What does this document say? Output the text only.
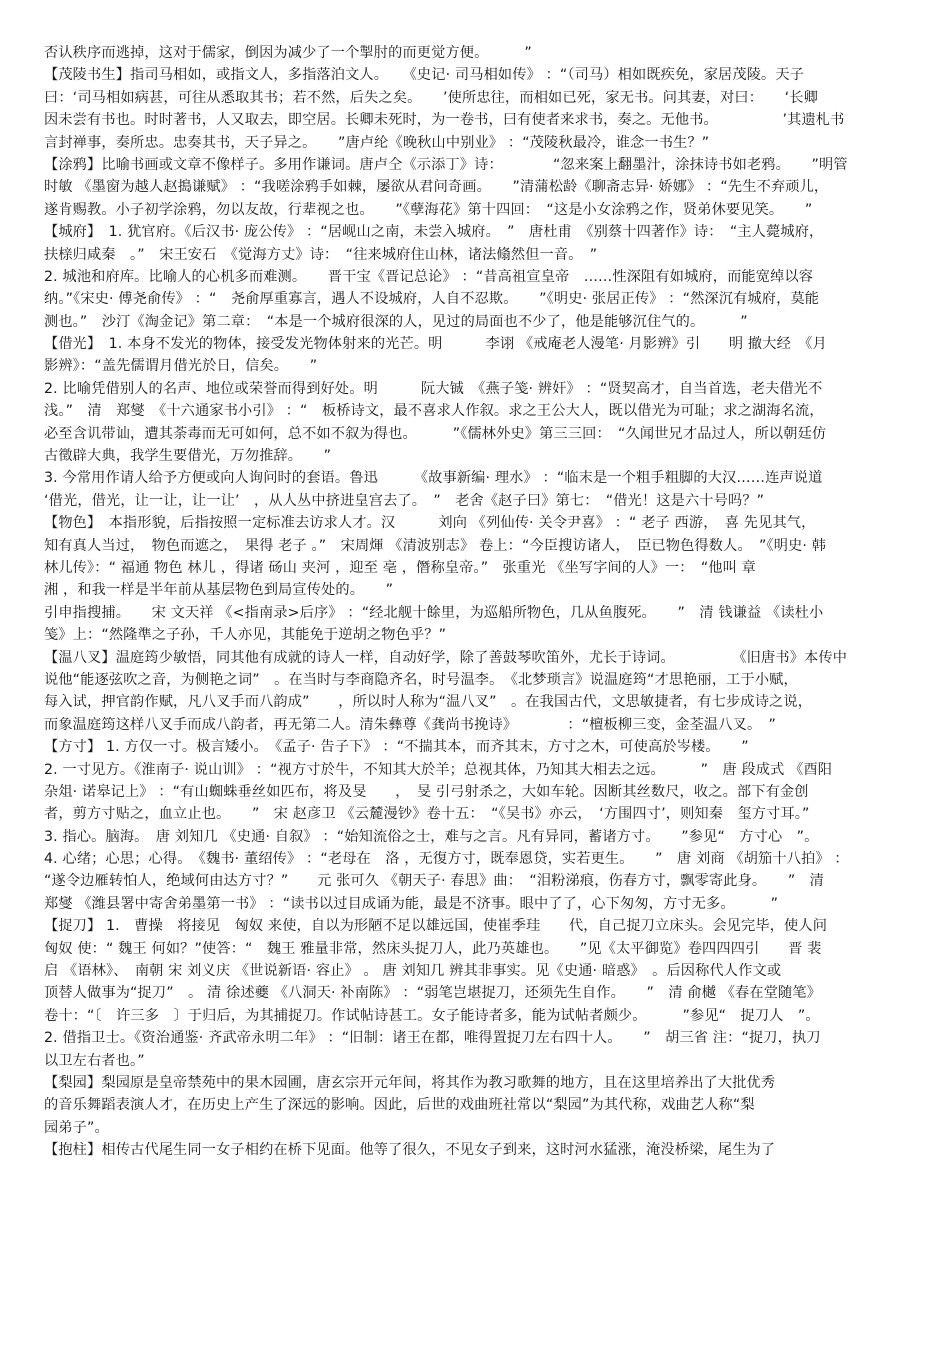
否认秩序而逃掉，这对于儒家，倒因为减少了一个掣肘的而更觉方便。　　　”
【茂陵书生】指司马相如，或指文人，多指落泊文人。　　《史记· 司马相如传》 ：“（司马）相如既疾免，家居茂陵。天子
曰：‘司马相如病甚，可往从悉取其书；若不然，后失之矣。　　’使所忠往，而相如已死，家无书。问其妻，对曰：　　‘长卿
因未尝有书也。时时著书，人又取去，即空居。长卿未死时，为一卷书，曰有使者来求书，奏之。无他书。　　　　　’其遗札书
言封禅事，奏所忠。忠奏其书，天子异之。　　”唐卢纶《晚秋山中别业》 ：“茂陵秋最冷，谁念一书生？”
【涂鸦】比喻书画或文章不像样子。多用作谦词。唐卢仝《示添丁》诗：　　　　“忽来案上翻墨汁，涂抹诗书如老鸦。　　”明管
时敏 《墨窗为越人赵搗谦赋》 ：“我嗟涂鸦手如棘，屡欲从君问奇画。　　”清蒲松龄《聊斋志异· 娇娜》 ：“先生不弃顽儿，
遂肯赐教。小子初学涂鸦，勿以友故，行辈视之也。　　”《孽海花》第十四回：　“这是小女涂鸦之作，贤弟休要见笑。　　”
【城府】　1. 犹官府。《后汉书· 庞公传》 ：“居岘山之南，未尝入城府。　”　唐杜甫　《别蔡十四著作》诗：　“主人薨城府，
扶榇归咸秦　。”　宋王安石　《觉海方丈》诗：　“往来城府住山林，诸法翛然但一音。　”
2. 城池和府库。比喻人的心机多而难测。　　晋干宝《晋记总论》 ：“昔高祖宣皇帝　……性深阻有如城府，而能宽绰以容
纳。”《宋史· 傅尧俞传》 ：“　尧俞厚重寡言，遇人不设城府，人自不忍欺。　　”《明史· 张居正传》 ：“然深沉有城府，莫能
测也。”　沙汀《淘金记》第二章：　“本是一个城府很深的人，见过的局面也不少了，他是能够沉住气的。　　　”
【借光】　1. 本身不发光的物体，接受发光物体射来的光芒。明　　　李诩 《戒庵老人漫笔· 月影辨》引　　明 撤大经　《月
影辨》：“盖先儒谓月借光於日，信矣。　　”
2. 比喻凭借别人的名声、地位或荣誉而得到好处。明　　　阮大铖　《燕子笺· 辨奸》 ：“贤契高才，自当首选，老夫借光不
浅。”　清　郑燮　《十六通家书小引》 ：“　板桥诗文，最不喜求人作叙。求之王公大人，既以借光为可耻；求之湖海名流，
必至含讥带讪，遭其荼毒而无可如何，总不如不叙为得也。　　　”《儒林外史》第三三回：　“久闻世兄才品过人，所以朝廷仿
古徵辟大典，我学生要借光，万勿推辞。　　”
3. 今常用作请人给予方便或向人询问时的套语。鲁迅　　　《故事新编· 理水》 ：“临末是一个粗手粗脚的大汉……连声说道
‘借光，借光，让一让，让一让’　，从人丛中挤进皇宫去了。　”　老舍《赵子曰》第七：　“借光！这是六十号吗？”
【物色】　本指形貌，后指按照一定标准去访求人才。汉　　　刘向 《列仙传· 关令尹喜》 ：“ 老子 西游，　喜 先见其气，
知有真人当过，　物色而遮之，　果得 老子 。”　宋周煇 《清波别志》 卷上：“今臣搜访诸人，　臣已物色得数人。　”《明史· 韩
林儿传》：“ 福通 物色 林儿 ，得诸 砀山 夹河 ，迎至 亳 ，僭称皇帝。”　张重光 《坐写字间的人》一：　“他叫 章
湘 ，和我一样是半年前从基层物色到局宣传处的。　　”
引申指搜捕。　　宋 文天祥 《<指南录>后序》 ：“经北舰十餘里，为巡船所物色，几从鱼腹死。　　”　清 钱谦益 《读杜小
笺》上：“然隆準之子孙，千人亦见，其能免于逆胡之物色乎？”
【温八叉】温庭筠少敏悟，同其他有成就的诗人一样，自动好学，除了善鼓琴吹笛外，尤长于诗词。　　　　　《旧唐书》本传中
说他“能逐弦吹之音，为侧艳之词”　。在当时与李商隐齐名，时号温李。　《北梦琐言》说温庭筠“才思艳丽，工于小赋，
每入试，押官韵作赋，凡八叉手而八韵成”　　，所以时人称为“温八叉”　。在我国古代，文思敏捷者，有七步成诗之说，
而象温庭筠这样八叉手而成八韵者，再无第二人。清朱彝尊《龚尚书挽诗》　　　　：“檀板柳三变，金荃温八叉。　”
【方寸】 1. 方仅一寸。极言矮小。　《孟子· 告子下》 ：“不揣其本，而齐其末，方寸之木，可使高於岑楼。　　”
2. 一寸见方。《淮南子· 说山训》 ：“视方寸於牛，不知其大於羊；总视其体，乃知其大相去之远。　　　”　唐 段成式 《酉阳
杂俎· 诺皋记上》 ：“有山蜘蛛垂丝如匹布，将及旻　　，　旻 引弓射杀之，大如车轮。因断其丝数尺，收之。部下有金创
者，剪方寸贴之，血立止也。　　”　宋 赵彦卫 《云麓漫钞》卷十五：　“《吴书》亦云，　‘方围四寸’，则知秦　玺方寸耳。”
3. 指心。脑海。　唐 刘知几 《史通· 自叙》 ：“始知流俗之士，难与之言。凡有异同，蓄诸方寸。　　”参见“　方寸心　”。
4. 心绪；心思；心得。　《魏书· 董绍传》 ：“老母在　洛 ，无復方寸，既奉恩贷，实若更生。　　”　唐 刘商 《胡笳十八拍》 ：
“遂令边雁转怕人，绝域何由达方寸？”　　元 张可久 《朝天子· 春思》曲：　“泪粉涕痕，伤春方寸，飘零寄此身。　　”　清
郑燮 《潍县署中寄舍弟墨第一书》 ：“读书以过目成诵为能，最是不济事。眼中了了，心下匆匆，方寸无多。　　　”
【捉刀】 1.　曹操　将接见　匈奴 来使，自以为形陋不足以雄远国，使崔季珪　　代，自己捉刀立床头。会见完毕，使人问
匈奴 使：“ 魏王 何如？”使答：“　魏王 雅量非常，然床头捉刀人，此乃英雄也。　　”见《太平御览》卷四四四引　　晋 裴
启 《语林》、　南朝 宋 刘义庆 《世说新语· 容止》 。 唐 刘知几 辨其非事实。见《史通· 暗惑》　。后因称代人作文或
顶替人做事为“捉刀”　。 清 徐述夔 《八洞天· 补南陈》 ：“弱笔岂堪捉刀，还须先生自作。　　”　清 俞樾 《春在堂随笔》
卷十：“〔　许三多　〕于归后，为其捕捉刀。作试帖诗甚工。女子能诗者多，能为试帖者颇少。　　　”参见“　捉刀人　”。
2. 借指卫士。《资治通鉴· 齐武帝永明二年》 ：“旧制：诸王在都，唯得置捉刀左右四十人。　　”　胡三省 注：“捉刀，执刀
以卫左右者也。”
【梨园】梨园原是皇帝禁苑中的果木园圃，唐玄宗开元年间，将其作为教习歌舞的地方，且在这里培养出了大批优秀
的音乐舞蹈表演人才，在历史上产生了深远的影响。因此，后世的戏曲班社常以“梨园”为其代称，戏曲艺人称“梨
园弟子”。
【抱柱】相传古代尾生同一女子相约在桥下见面。他等了很久，不见女子到来，这时河水猛涨，淹没桥梁，尾生为了
